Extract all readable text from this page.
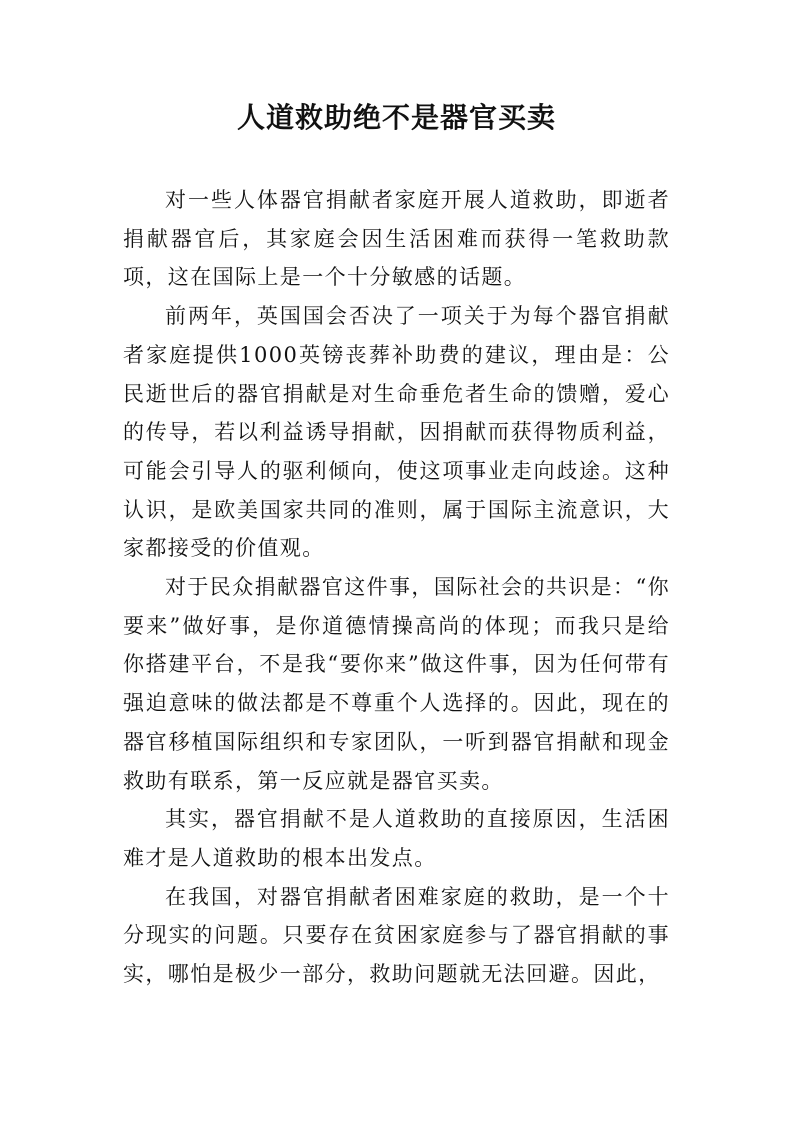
人道救助绝不是器官买卖

对一些人体器官捐献者家庭开展人道救助，即逝者捐献器官后，其家庭会因生活困难而获得一笔救助款项，这在国际上是一个十分敏感的话题。

前两年，英国国会否决了一项关于为每个器官捐献者家庭提供1000英镑丧葬补助费的建议，理由是：公民逝世后的器官捐献是对生命垂危者生命的馈赠，爱心的传导，若以利益诱导捐献，因捐献而获得物质利益，可能会引导人的驱利倾向，使这项事业走向歧途。这种认识，是欧美国家共同的准则，属于国际主流意识，大家都接受的价值观。

对于民众捐献器官这件事，国际社会的共识是：“你要来”做好事，是你道德情操高尚的体现；而我只是给你搭建平台，不是我“要你来”做这件事，因为任何带有强迫意味的做法都是不尊重个人选择的。因此，现在的器官移植国际组织和专家团队，一听到器官捐献和现金救助有联系，第一反应就是器官买卖。

其实，器官捐献不是人道救助的直接原因，生活困难才是人道救助的根本出发点。

在我国，对器官捐献者困难家庭的救助，是一个十分现实的问题。只要存在贫困家庭参与了器官捐献的事实，哪怕是极少一部分，救助问题就无法回避。因此，
